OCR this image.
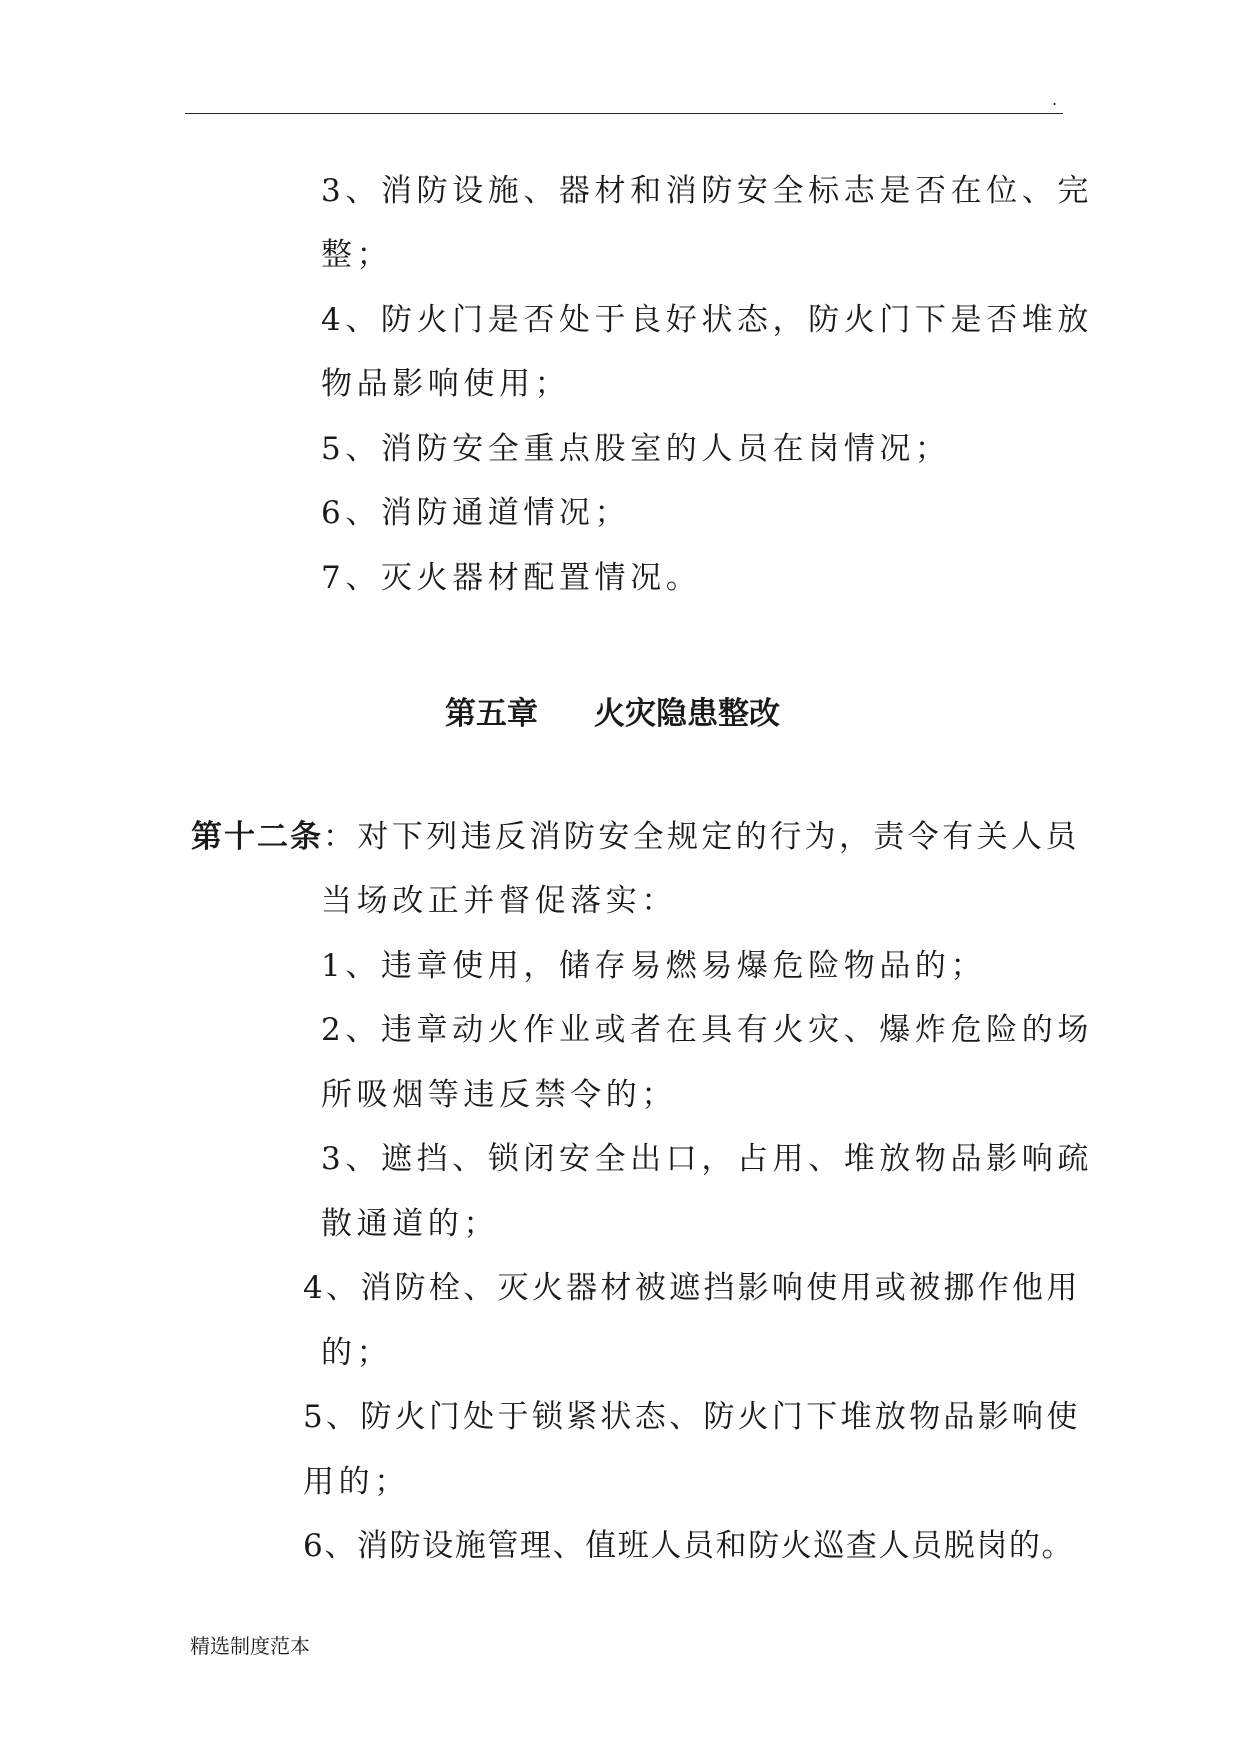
.
3、消防设施、器材和消防安全标志是否在位、完
整；
4、防火门是否处于良好状态，防火门下是否堆放
物品影响使用；
5、消防安全重点股室的人员在岗情况；
6、消防通道情况；
7、灭火器材配置情况。
第五章 火灾隐患整改
第十二条：对下列违反消防安全规定的行为，责令有关人员
当场改正并督促落实：
1、违章使用，储存易燃易爆危险物品的；
2、违章动火作业或者在具有火灾、爆炸危险的场
所吸烟等违反禁令的；
3、遮挡、锁闭安全出口，占用、堆放物品影响疏
散通道的；
4、消防栓、灭火器材被遮挡影响使用或被挪作他用
的；
5、防火门处于锁紧状态、防火门下堆放物品影响使
用的；
6、消防设施管理、值班人员和防火巡查人员脱岗的。
精选制度范本
